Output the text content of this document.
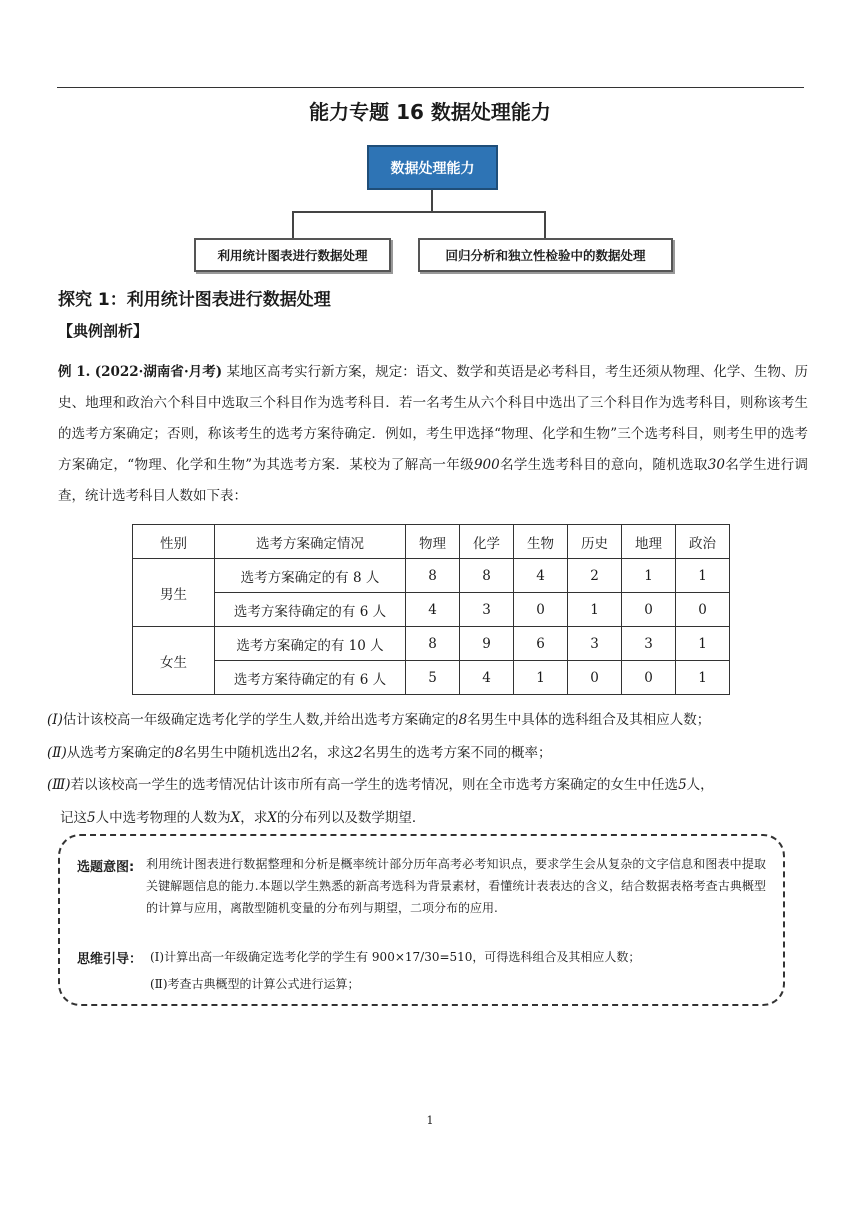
能力专题 16 数据处理能力
数据处理能力
利用统计图表进行数据处理	回归分析和独立性检验中的数据处理
探究 1：利用统计图表进行数据处理
【典例剖析】
例 1. (2022·湖南省·月考) 某地区高考实行新方案，规定：语文、数学和英语是必考科目，考生还须从物理、化学、生物、历史、地理和政治六个科目中选取三个科目作为选考科目．若一名考生从六个科目中选出了三个科目作为选考科目，则称该考生的选考方案确定；否则，称该考生的选考方案待确定．例如，考生甲选择“物理、化学和生物”三个选考科目，则考生甲的选考方案确定，“物理、化学和生物”为其选考方案．某校为了解高一年级900名学生选考科目的意向，随机选取30名学生进行调查，统计选考科目人数如下表：
性别	选考方案确定情况	物理	化学	生物	历史	地理	政治
男生	选考方案确定的有 8 人	8	8	4	2	1	1
	选考方案待确定的有 6 人	4	3	0	1	0	0
女生	选考方案确定的有 10 人	8	9	6	3	3	1
	选考方案待确定的有 6 人	5	4	1	0	0	1
(Ⅰ)估计该校高一年级确定选考化学的学生人数,并给出选考方案确定的8名男生中具体的选科组合及其相应人数；
(Ⅱ)从选考方案确定的8名男生中随机选出2名，求这2名男生的选考方案不同的概率；
(Ⅲ)若以该校高一学生的选考情况估计该市所有高一学生的选考情况，则在全市选考方案确定的女生中任选5人，
记这5人中选考物理的人数为X，求X的分布列以及数学期望．
选题意图: 利用统计图表进行数据整理和分析是概率统计部分历年高考必考知识点，要求学生会从复杂的文字信息和图表中提取关键解题信息的能力.本题以学生熟悉的新高考选科为背景素材，看懂统计表表达的含义，结合数据表格考查古典概型的计算与应用，离散型随机变量的分布列与期望，二项分布的应用.
思维引导： (Ⅰ)计算出高一年级确定选考化学的学生有 900×17/30=510，可得选科组合及其相应人数；
(Ⅱ)考查古典概型的计算公式进行运算；
1
